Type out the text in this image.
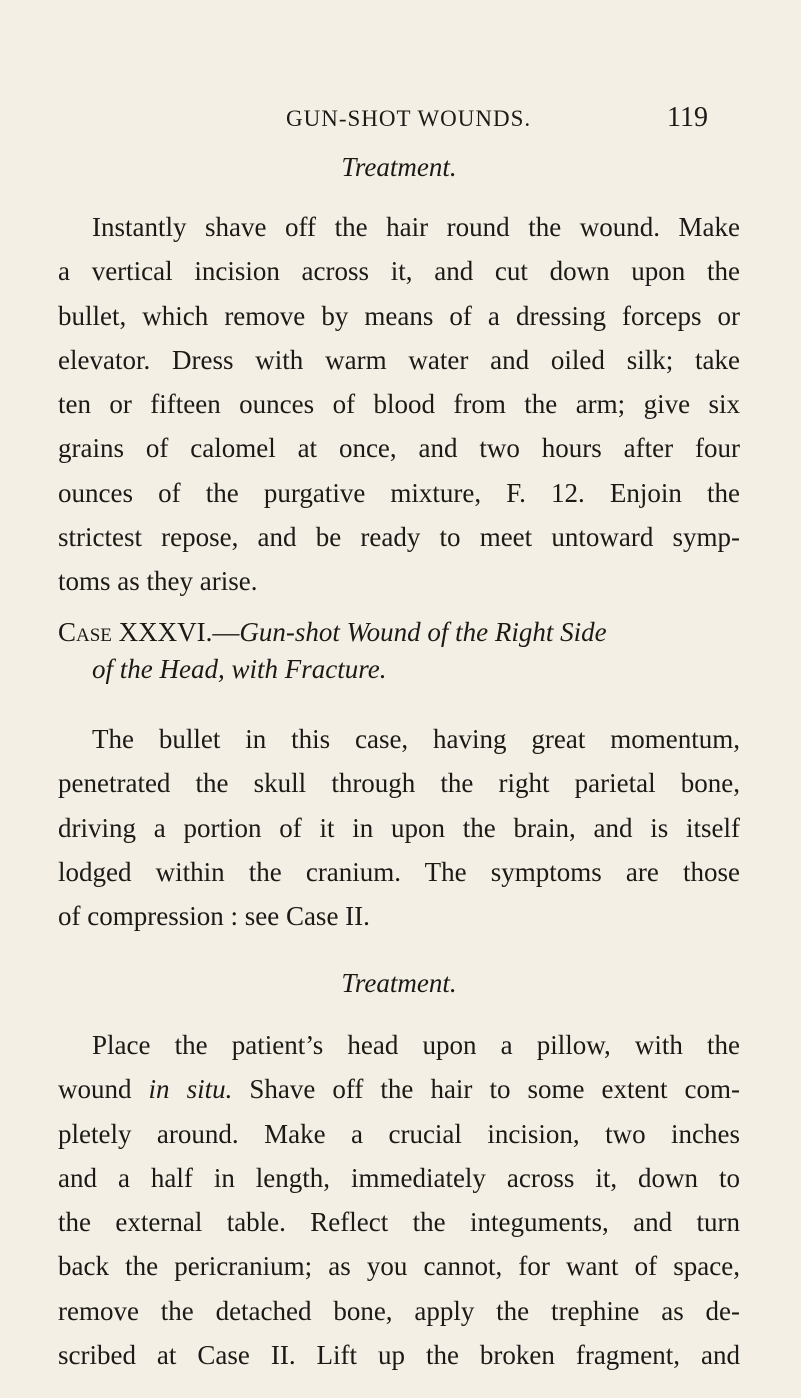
GUN-SHOT WOUNDS.	119
Treatment.
Instantly shave off the hair round the wound. Make
a vertical incision across it, and cut down upon the
bullet, which remove by means of a dressing forceps or
elevator. Dress with warm water and oiled silk; take
ten or fifteen ounces of blood from the arm; give six
grains of calomel at once, and two hours after four
ounces of the purgative mixture, F. 12. Enjoin the
strictest repose, and be ready to meet untoward symp-
toms as they arise.
Case XXXVI.—Gun-shot Wound of the Right Side
of the Head, with Fracture.
The bullet in this case, having great momentum,
penetrated the skull through the right parietal bone,
driving a portion of it in upon the brain, and is itself
lodged within the cranium. The symptoms are those
of compression : see Case II.
Treatment.
Place the patient’s head upon a pillow, with the
wound in situ. Shave off the hair to some extent com-
pletely around. Make a crucial incision, two inches
and a half in length, immediately across it, down to
the external table. Reflect the integuments, and turn
back the pericranium; as you cannot, for want of space,
remove the detached bone, apply the trephine as de-
scribed at Case II. Lift up the broken fragment, and
